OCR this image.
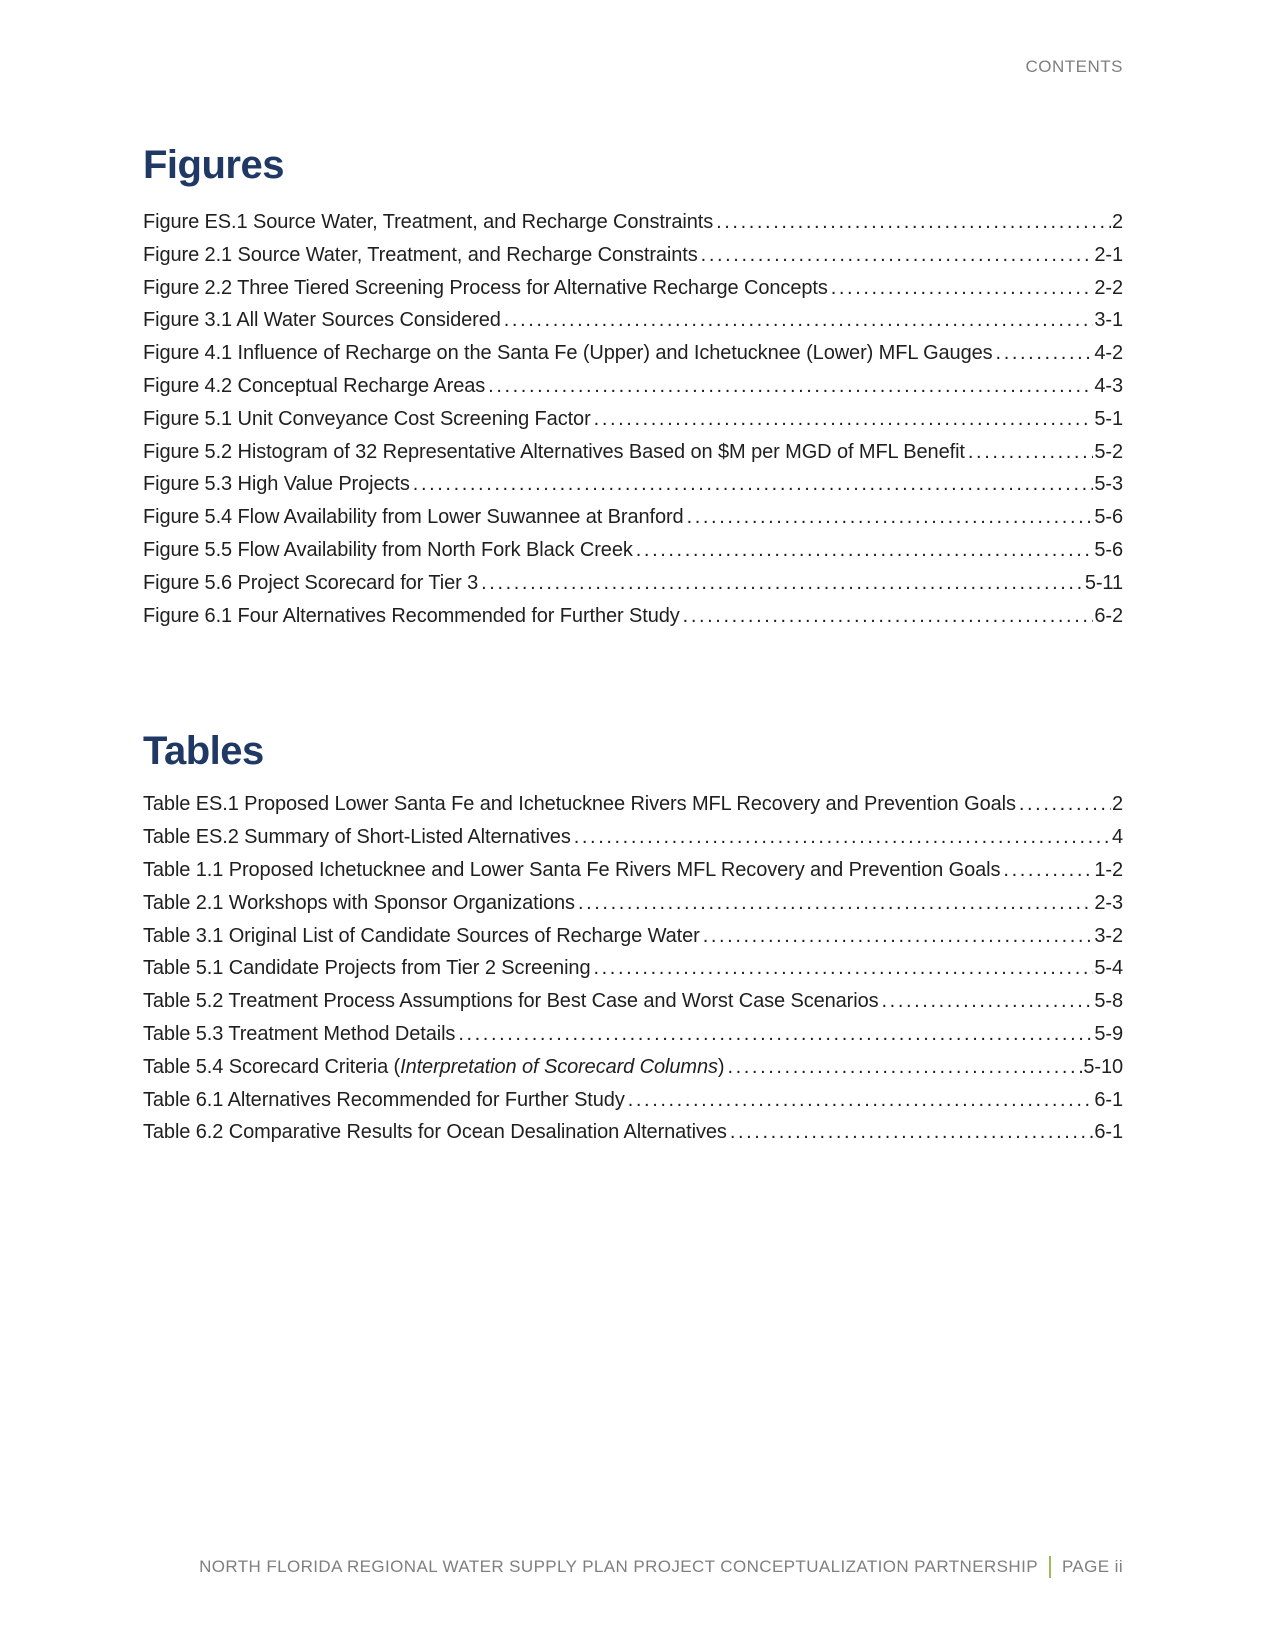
CONTENTS
Figures
Figure ES.1 Source Water, Treatment, and Recharge Constraints .....	2
Figure 2.1 Source Water, Treatment, and Recharge Constraints .....	2-1
Figure 2.2 Three Tiered Screening Process for Alternative Recharge Concepts .....	2-2
Figure 3.1 All Water Sources Considered .....	3-1
Figure 4.1 Influence of Recharge on the Santa Fe (Upper) and Ichetucknee (Lower) MFL Gauges .....	4-2
Figure 4.2 Conceptual Recharge Areas .....	4-3
Figure 5.1 Unit Conveyance Cost Screening Factor .....	5-1
Figure 5.2 Histogram of 32 Representative Alternatives Based on $M per MGD of MFL Benefit .....	5-2
Figure 5.3 High Value Projects .....	5-3
Figure 5.4 Flow Availability from Lower Suwannee at Branford .....	5-6
Figure 5.5 Flow Availability from North Fork Black Creek .....	5-6
Figure 5.6 Project Scorecard for Tier 3 .....	5-11
Figure 6.1 Four Alternatives Recommended for Further Study .....	6-2
Tables
Table ES.1 Proposed Lower Santa Fe and Ichetucknee Rivers MFL Recovery and Prevention Goals .....	2
Table ES.2 Summary of Short-Listed Alternatives .....	4
Table 1.1 Proposed Ichetucknee and Lower Santa Fe Rivers MFL Recovery and Prevention Goals .....	1-2
Table 2.1 Workshops with Sponsor Organizations .....	2-3
Table 3.1 Original List of Candidate Sources of Recharge Water .....	3-2
Table 5.1 Candidate Projects from Tier 2 Screening .....	5-4
Table 5.2 Treatment Process Assumptions for Best Case and Worst Case Scenarios .....	5-8
Table 5.3 Treatment Method Details .....	5-9
Table 5.4 Scorecard Criteria (Interpretation of Scorecard Columns) .....	5-10
Table 6.1 Alternatives Recommended for Further Study .....	6-1
Table 6.2 Comparative Results for Ocean Desalination Alternatives .....	6-1
NORTH FLORIDA REGIONAL WATER SUPPLY PLAN PROJECT CONCEPTUALIZATION PARTNERSHIP PAGE ii
